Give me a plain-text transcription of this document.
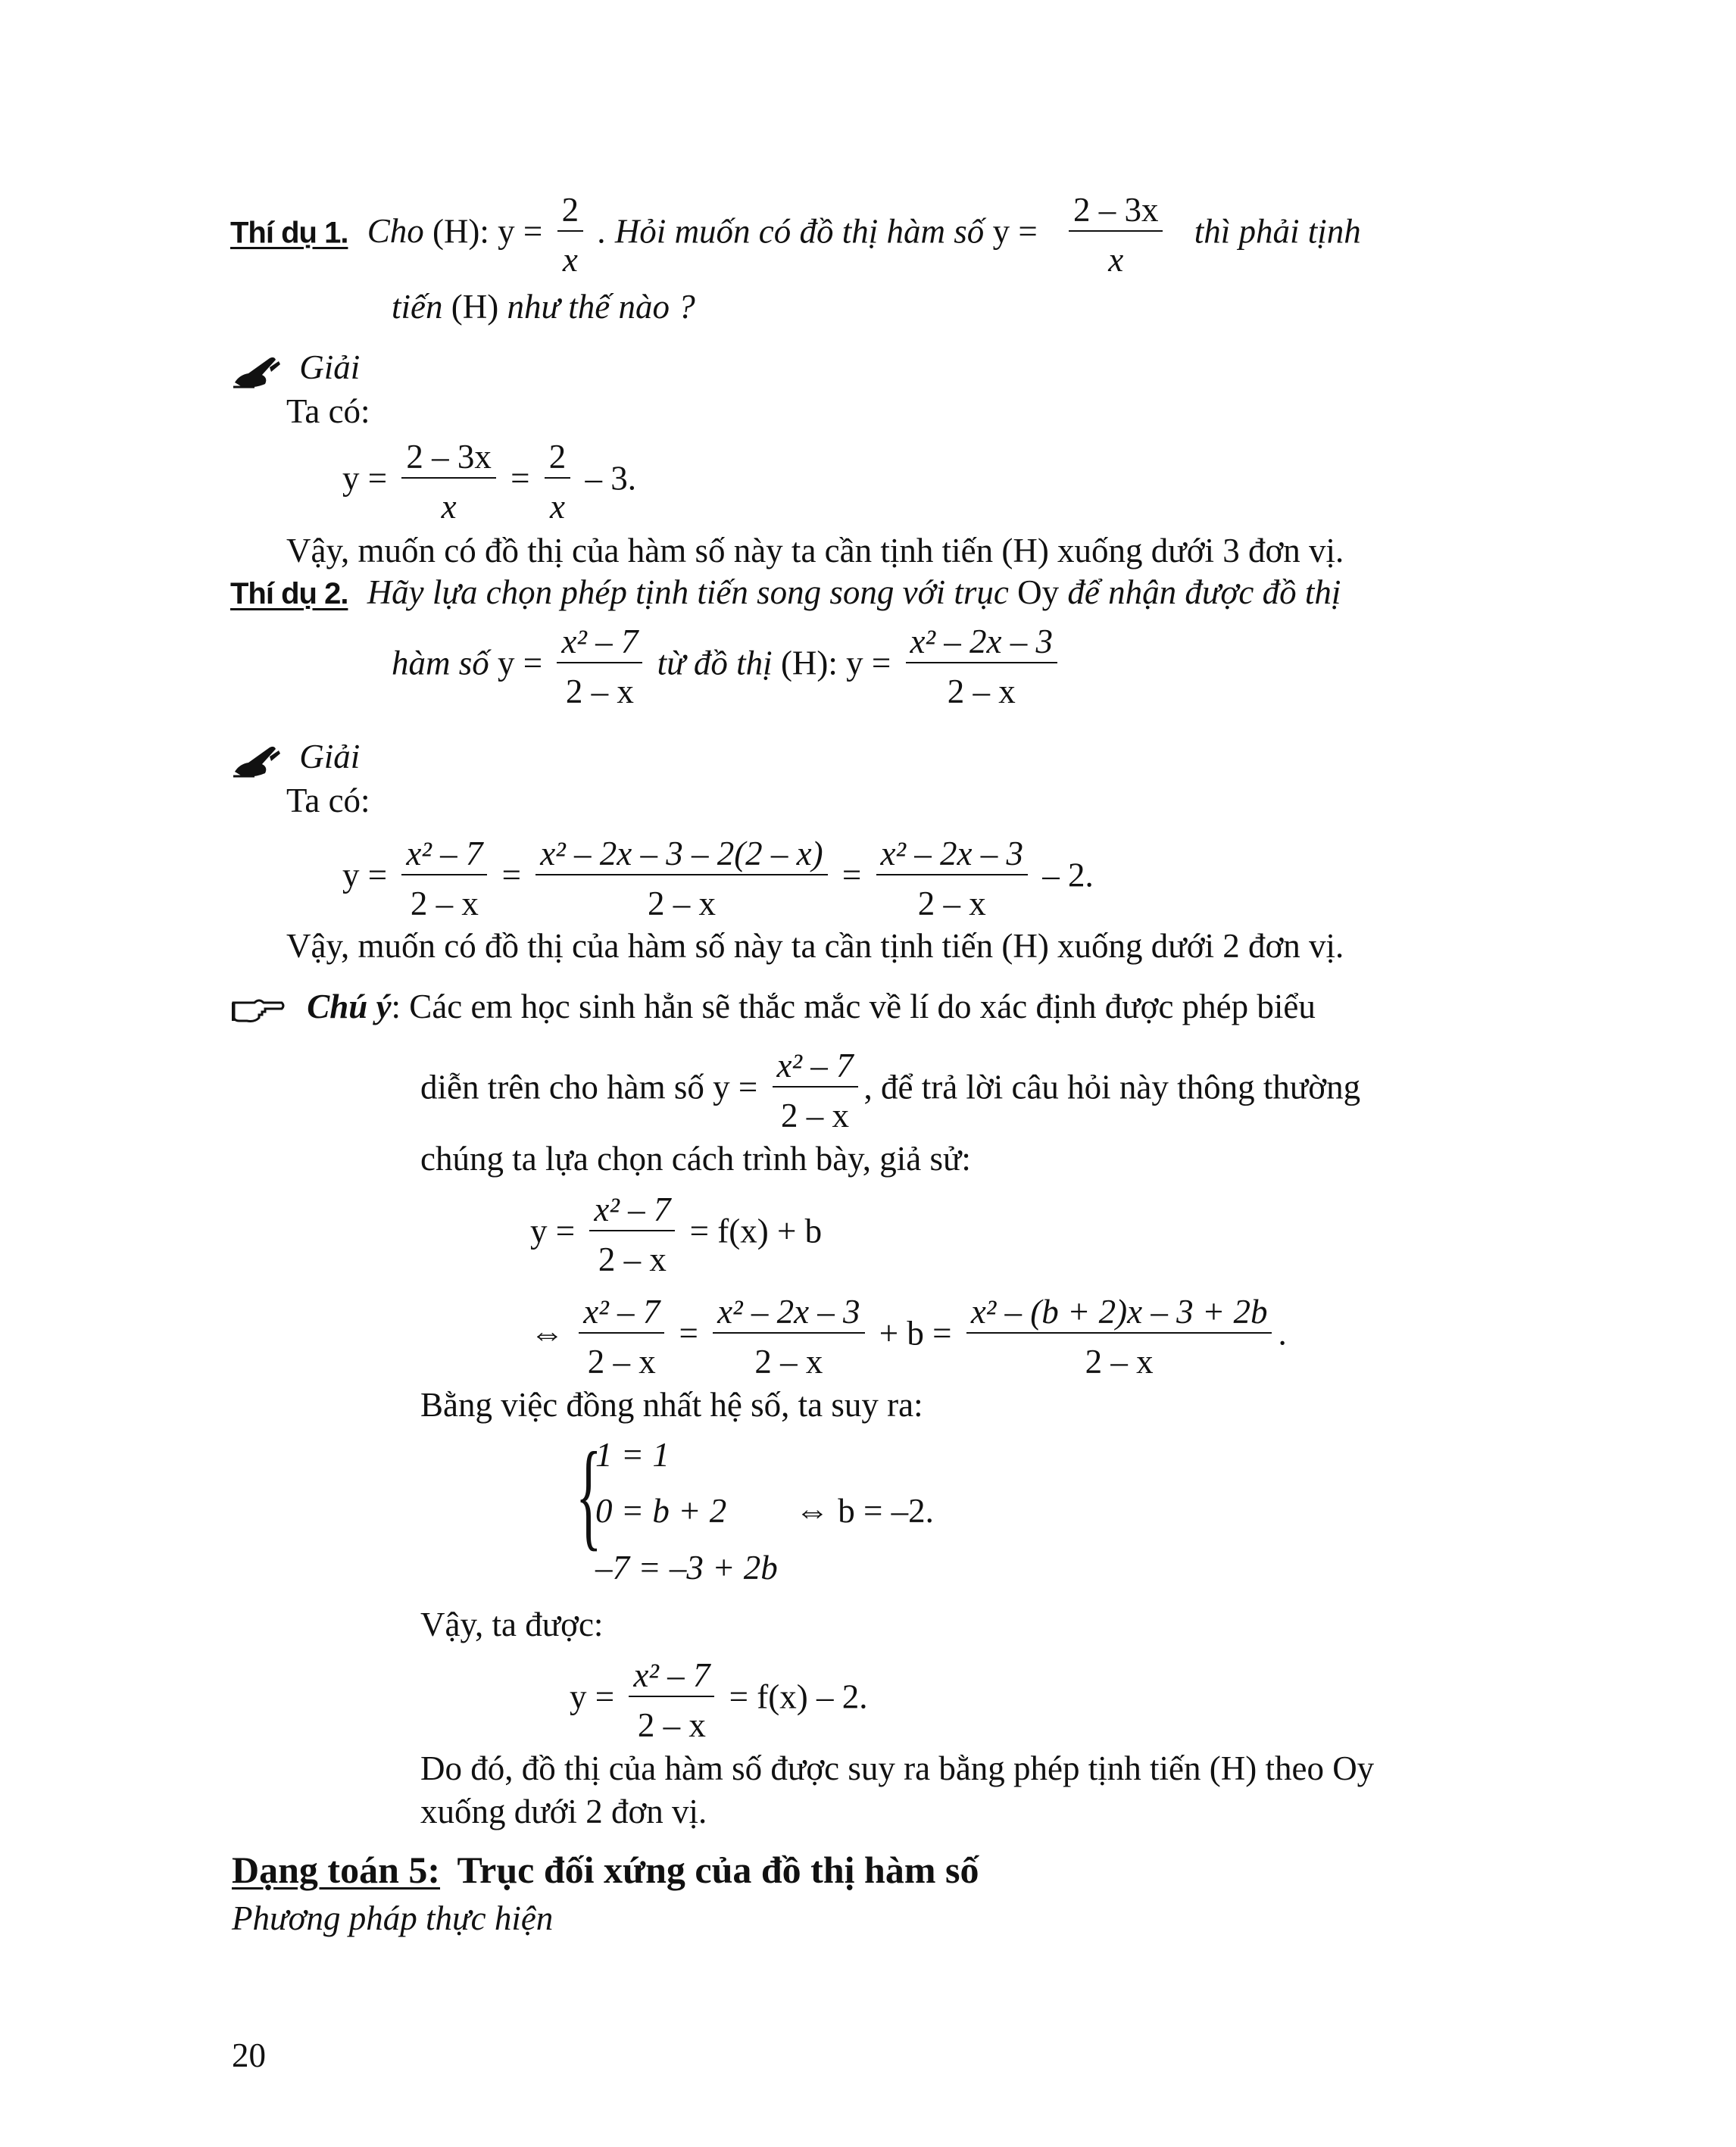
Thí dụ 1. Cho (H): $y = \frac{2}{x}$ . Hỏi muốn có đồ thị hàm số $y = \frac{2 - 3x}{x}$ thì phải tịnh
tiến (H) như thế nào ?
Giải
Ta có:
$y = \frac{2 - 3x}{x} = \frac{2}{x} - 3$.
Vậy, muốn có đồ thị của hàm số này ta cần tịnh tiến (H) xuống dưới 3 đơn vị.
Thí dụ 2. Hãy lựa chọn phép tịnh tiến song song với trục Oy để nhận được đồ thị
hàm số $y = \frac{\text{x² – 7}}{2 - x}$ từ đồ thị (H): $y = \frac{\text{x² – 2x – 3}}{2 - x}$
Giải
Ta có:
$y = \frac{\text{x² – 7}}{2 - x} = \frac{\text{x² – 2x – 3 – 2(2 – x)}}{2 - x} = \frac{\text{x² – 2x – 3}}{2 - x} - 2$.
Vậy, muốn có đồ thị của hàm số này ta cần tịnh tiến (H) xuống dưới 2 đơn vị.
Chú ý: Các em học sinh hẳn sẽ thắc mắc về lí do xác định được phép biểu
diễn trên cho hàm số $y = \frac{\text{x² – 7}}{2 - x}$ , để trả lời câu hỏi này thông thường
chúng ta lựa chọn cách trình bày, giả sử:
$y = \frac{\text{x² – 7}}{2 - x} = f(x) + b$
⇔ $\frac{\text{x² – 7}}{2 - x} = \frac{\text{x² – 2x – 3}}{2 - x} + b = \frac{\text{x² – (b + 2)x – 3 + 2b}}{2 - x}$ .
Bằng việc đồng nhất hệ số, ta suy ra:
{
1 = 1
0 = b + 2
–7 = –3 + 2b
⇔ b = –2.
Vậy, ta được:
$y = \frac{\text{x² – 7}}{2 - x} = f(x) - 2$.
Do đó, đồ thị của hàm số được suy ra bằng phép tịnh tiến (H) theo Oy
xuống dưới 2 đơn vị.
Dạng toán 5: Trục đối xứng của đồ thị hàm số
Phương pháp thực hiện
20
